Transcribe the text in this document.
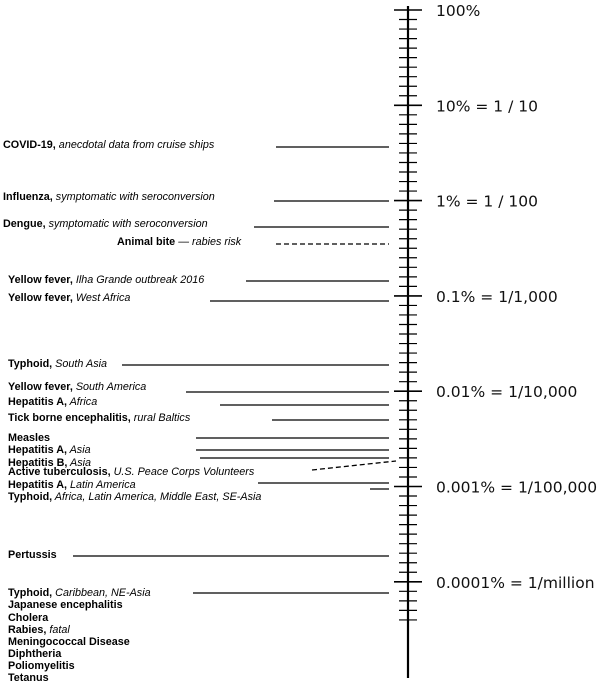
100%
10% = 1 / 10
1% = 1 / 100
0.1% = 1/1,000
0.01% = 1/10,000
0.001% = 1/100,000
0.0001% = 1/million
COVID-19, anecdotal data from cruise ships
Influenza, symptomatic with seroconversion
Dengue, symptomatic with seroconversion
Animal bite — rabies risk
Yellow fever, Ilha Grande outbreak 2016
Yellow fever, West Africa
Typhoid, South Asia
Yellow fever, South America
Hepatitis A, Africa
Tick borne encephalitis, rural Baltics
Measles
Hepatitis A, Asia
Hepatitis B, Asia
Active tuberculosis, U.S. Peace Corps Volunteers
Hepatitis A, Latin America
Typhoid, Africa, Latin America, Middle East, SE-Asia
Pertussis
Typhoid, Caribbean, NE-Asia
Japanese encephalitis
Cholera
Rabies, fatal
Meningococcal Disease
Diphtheria
Poliomyelitis
Tetanus
